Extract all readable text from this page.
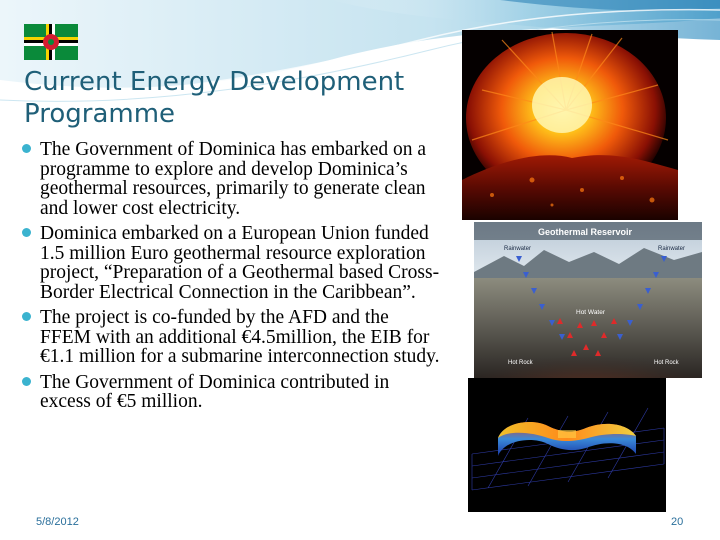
Current Energy Development
Programme
The Government of Dominica has embarked on a programme to explore and develop Dominica’s geothermal resources, primarily to generate clean and lower cost electricity.
Dominica embarked on a European Union funded 1.5 million Euro geothermal resource exploration project, “Preparation of a Geothermal based Cross-Border Electrical Connection in the Caribbean”.
The project is co-funded by the AFD and the FFEM with an additional €4.5million, the EIB for €1.1 million for a submarine interconnection study.
The Government of Dominica contributed in excess of €5 million.
Geothermal Reservoir
Rainwater	Rainwater
Hot Water
Hot Rock	Hot Rock
5/8/2012	20
